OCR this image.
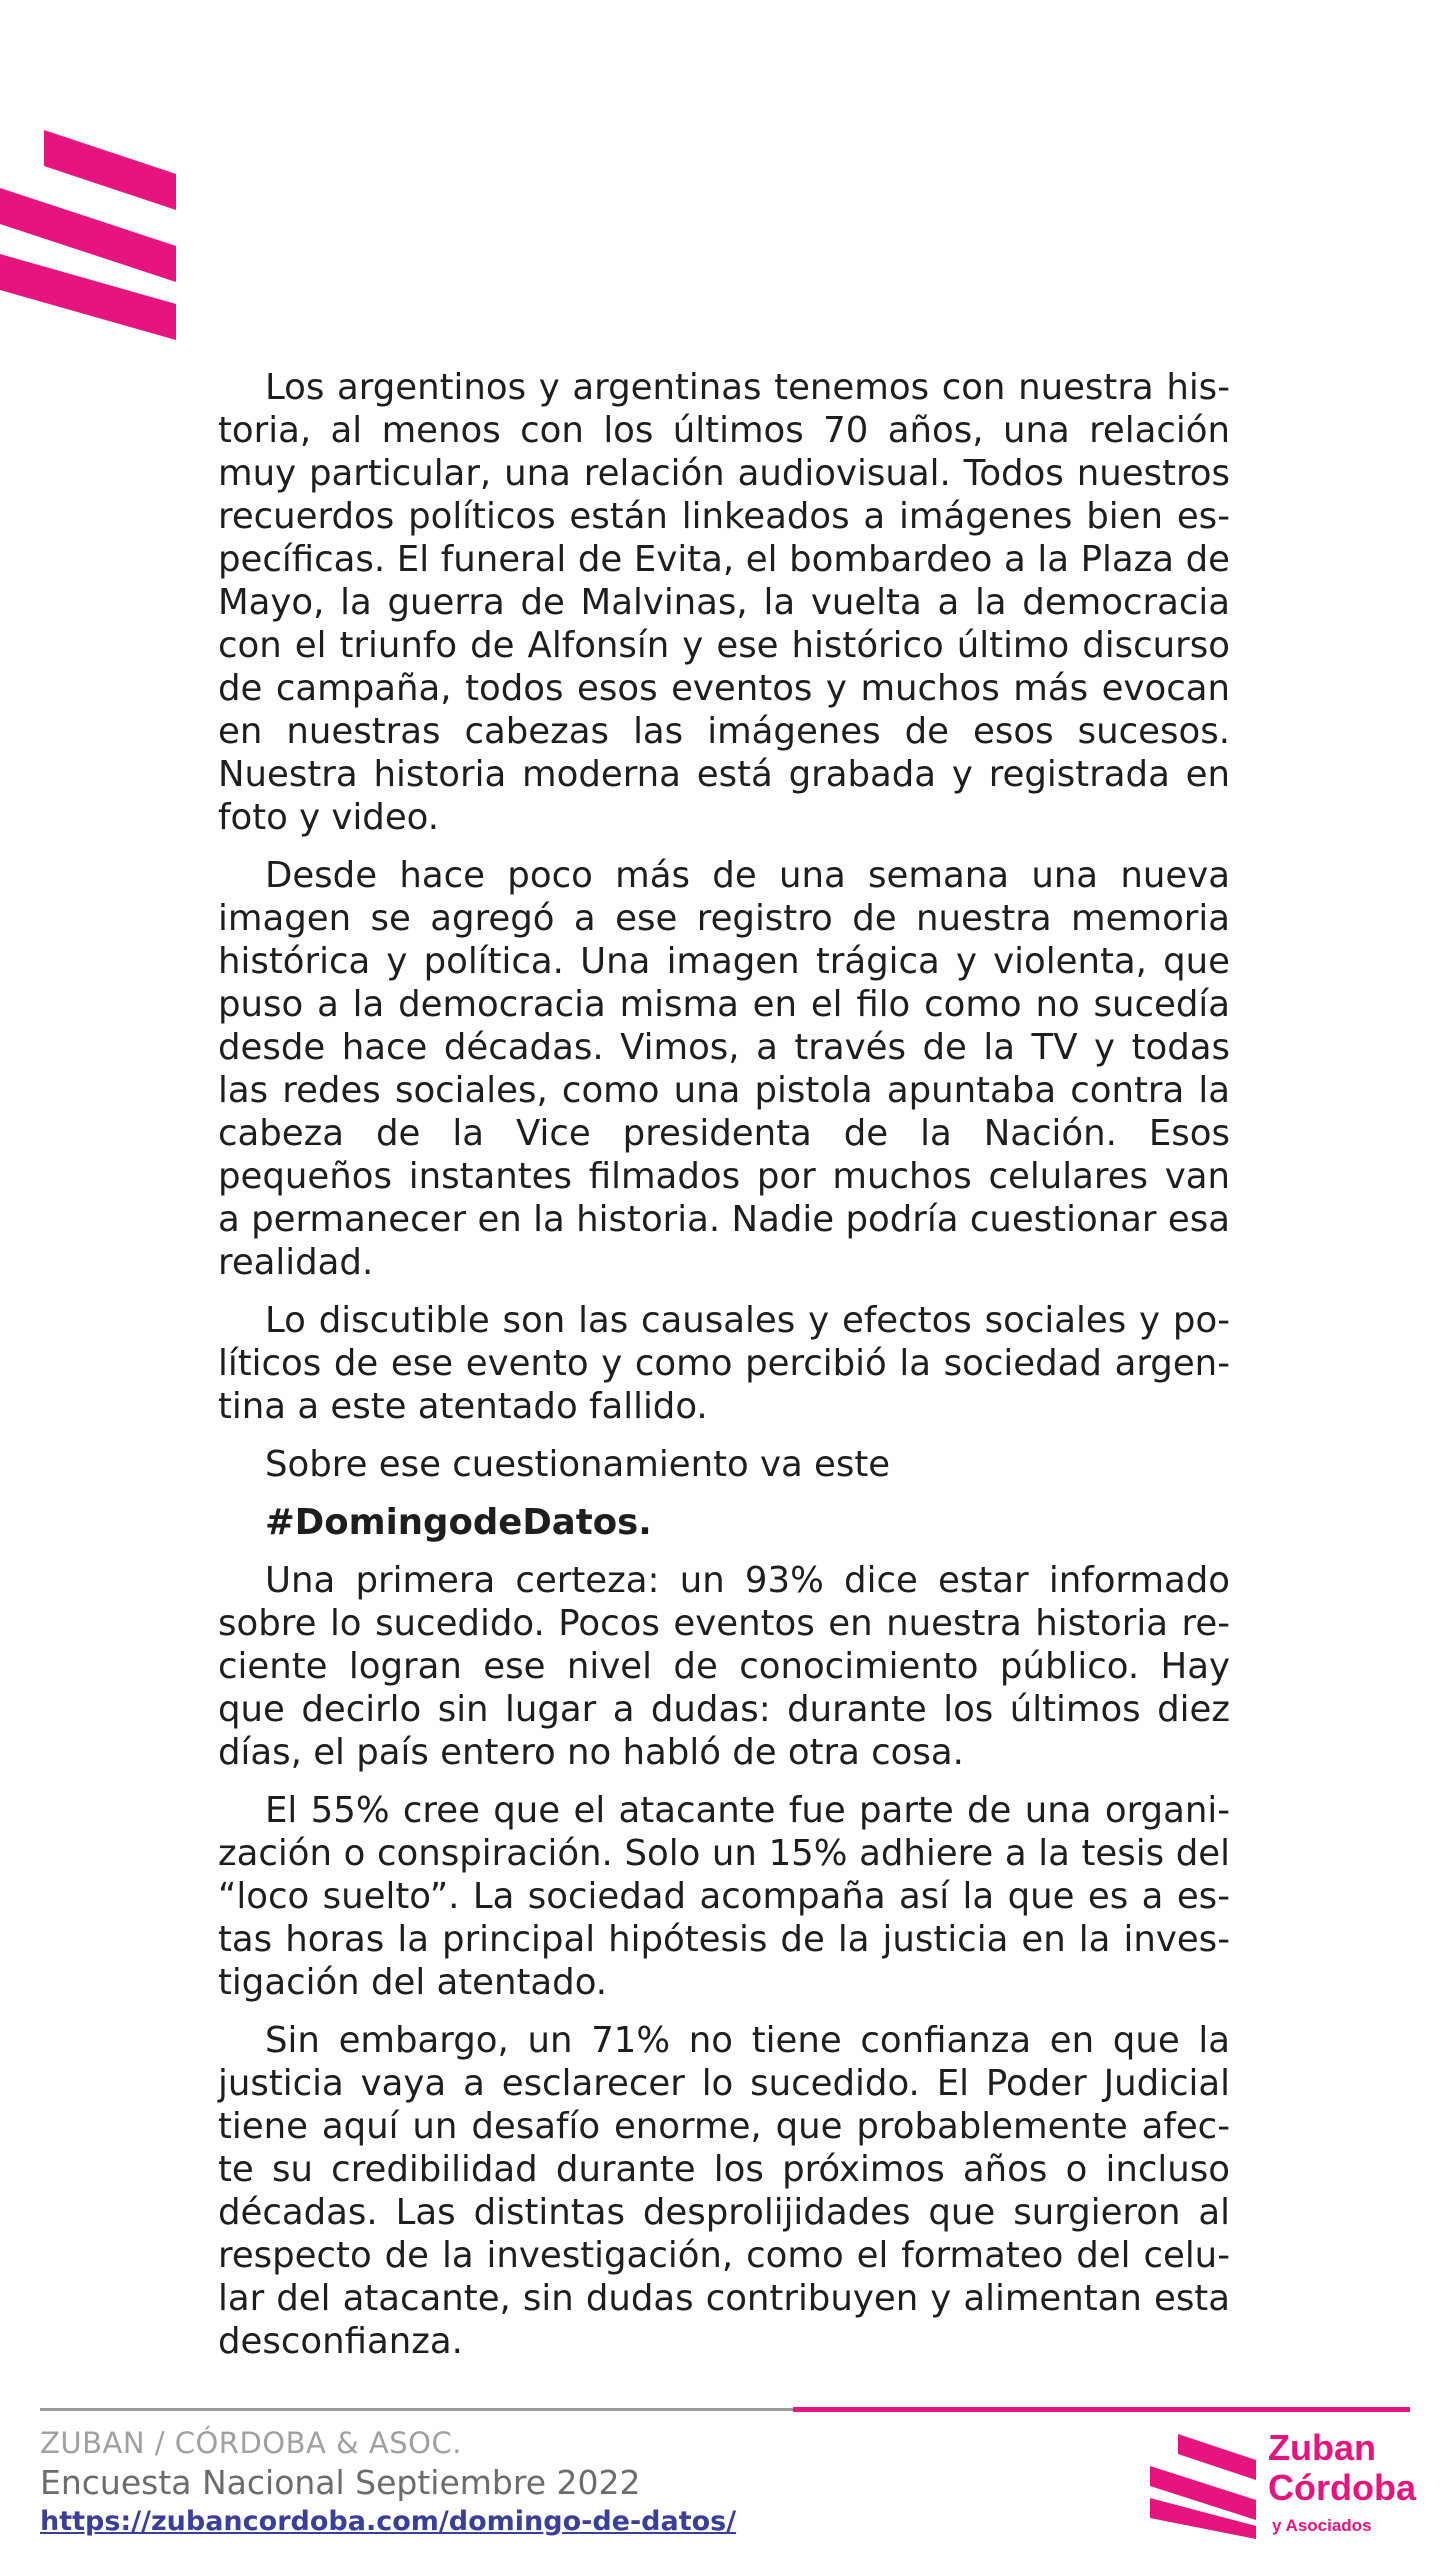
Los argentinos y argentinas tenemos con nuestra historia, al menos con los últimos 70 años, una relación muy particular, una relación audiovisual. Todos nuestros recuerdos políticos están linkeados a imágenes bien específicas. El funeral de Evita, el bombardeo a la Plaza de Mayo, la guerra de Malvinas, la vuelta a la democracia con el triunfo de Alfonsín y ese histórico último discurso de campaña, todos esos eventos y muchos más evocan en nuestras cabezas las imágenes de esos sucesos. Nuestra historia moderna está grabada y registrada en foto y video.

Desde hace poco más de una semana una nueva imagen se agregó a ese registro de nuestra memoria histórica y política. Una imagen trágica y violenta, que puso a la democracia misma en el filo como no sucedía desde hace décadas. Vimos, a través de la TV y todas las redes sociales, como una pistola apuntaba contra la cabeza de la Vice presidenta de la Nación. Esos pequeños instantes filmados por muchos celulares van a permanecer en la historia. Nadie podría cuestionar esa realidad.

Lo discutible son las causales y efectos sociales y políticos de ese evento y como percibió la sociedad argentina a este atentado fallido.

Sobre ese cuestionamiento va este

#DomingodeDatos.

Una primera certeza: un 93% dice estar informado sobre lo sucedido. Pocos eventos en nuestra historia reciente logran ese nivel de conocimiento público. Hay que decirlo sin lugar a dudas: durante los últimos diez días, el país entero no habló de otra cosa.

El 55% cree que el atacante fue parte de una organización o conspiración. Solo un 15% adhiere a la tesis del “loco suelto”. La sociedad acompaña así la que es a estas horas la principal hipótesis de la justicia en la investigación del atentado.

Sin embargo, un 71% no tiene confianza en que la justicia vaya a esclarecer lo sucedido. El Poder Judicial tiene aquí un desafío enorme, que probablemente afecte su credibilidad durante los próximos años o incluso décadas. Las distintas desprolijidades que surgieron al respecto de la investigación, como el formateo del celular del atacante, sin dudas contribuyen y alimentan esta desconfianza.

ZUBAN / CÓRDOBA & ASOC.
Encuesta Nacional Septiembre 2022
https://zubancordoba.com/domingo-de-datos/
Zuban
Córdoba
y Asociados
